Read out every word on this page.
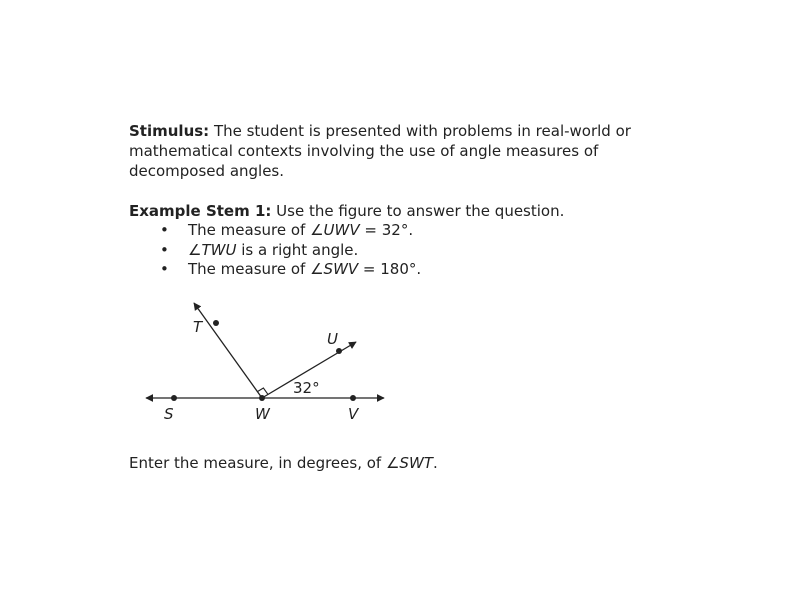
Stimulus: The student is presented with problems in real-world or mathematical contexts involving the use of angle measures of decomposed angles.

Example Stem 1: Use the figure to answer the question.

• The measure of ∠UWV = 32°.
• ∠TWU is a right angle.
• The measure of ∠SWV = 180°.
S	W	V
T
U
32°

Enter the measure, in degrees, of ∠SWT.
